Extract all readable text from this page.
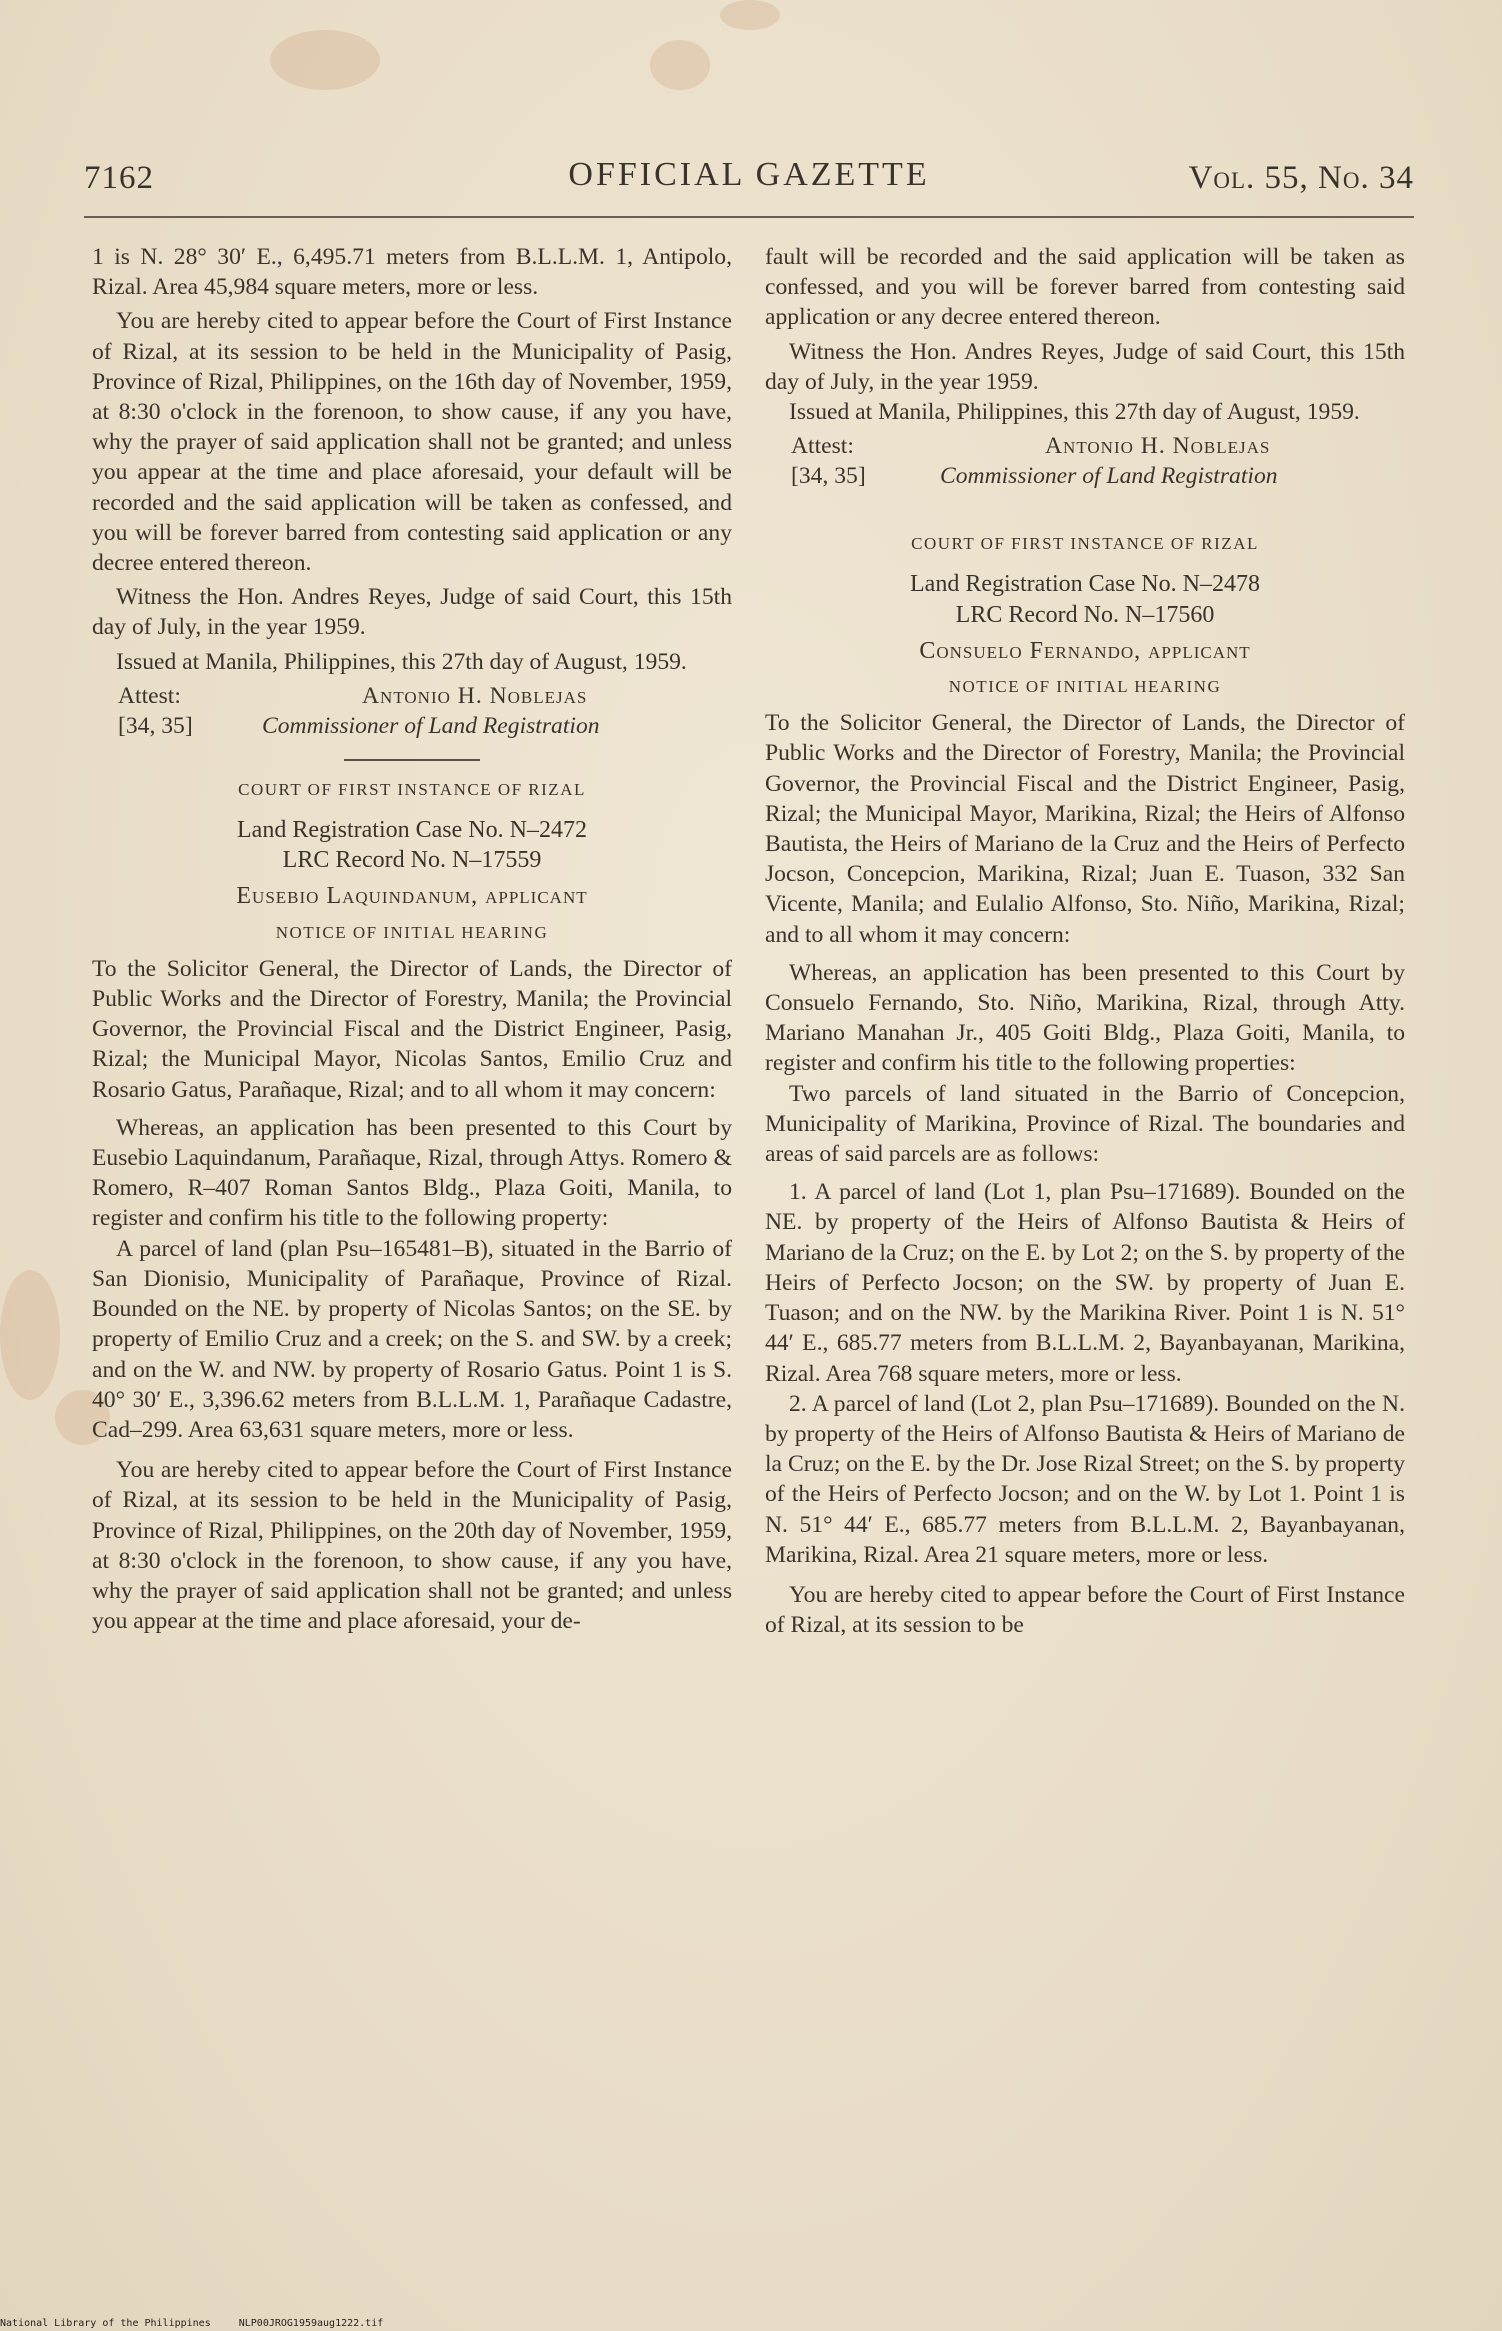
7162	OFFICIAL GAZETTE	Vol. 55, No. 34

1 is N. 28° 30′ E., 6,495.71 meters from B.L.L.M. 1, Antipolo, Rizal. Area 45,984 square meters, more or less.

You are hereby cited to appear before the Court of First Instance of Rizal, at its session to be held in the Municipality of Pasig, Province of Rizal, Philippines, on the 16th day of November, 1959, at 8:30 o'clock in the forenoon, to show cause, if any you have, why the prayer of said application shall not be granted; and unless you appear at the time and place aforesaid, your default will be recorded and the said application will be taken as confessed, and you will be forever barred from contesting said application or any decree entered thereon.

Witness the Hon. Andres Reyes, Judge of said Court, this 15th day of July, in the year 1959.

Issued at Manila, Philippines, this 27th day of August, 1959.

Attest:	Antonio H. Noblejas
[34, 35]	Commissioner of Land Registration
COURT OF FIRST INSTANCE OF RIZAL
Land Registration Case No. N–2472
LRC Record No. N–17559
Eusebio Laquindanum, applicant
NOTICE OF INITIAL HEARING

To the Solicitor General, the Director of Lands, the Director of Public Works and the Director of Forestry, Manila; the Provincial Governor, the Provincial Fiscal and the District Engineer, Pasig, Rizal; the Municipal Mayor, Nicolas Santos, Emilio Cruz and Rosario Gatus, Parañaque, Rizal; and to all whom it may concern:

Whereas, an application has been presented to this Court by Eusebio Laquindanum, Parañaque, Rizal, through Attys. Romero & Romero, R–407 Roman Santos Bldg., Plaza Goiti, Manila, to register and confirm his title to the following property:

A parcel of land (plan Psu–165481–B), situated in the Barrio of San Dionisio, Municipality of Parañaque, Province of Rizal. Bounded on the NE. by property of Nicolas Santos; on the SE. by property of Emilio Cruz and a creek; on the S. and SW. by a creek; and on the W. and NW. by property of Rosario Gatus. Point 1 is S. 40° 30′ E., 3,396.62 meters from B.L.L.M. 1, Parañaque Cadastre, Cad–299. Area 63,631 square meters, more or less.

You are hereby cited to appear before the Court of First Instance of Rizal, at its session to be held in the Municipality of Pasig, Province of Rizal, Philippines, on the 20th day of November, 1959, at 8:30 o'clock in the forenoon, to show cause, if any you have, why the prayer of said application shall not be granted; and unless you appear at the time and place aforesaid, your de-

fault will be recorded and the said application will be taken as confessed, and you will be forever barred from contesting said application or any decree entered thereon.

Witness the Hon. Andres Reyes, Judge of said Court, this 15th day of July, in the year 1959.

Issued at Manila, Philippines, this 27th day of August, 1959.

Attest:	Antonio H. Noblejas
[34, 35]	Commissioner of Land Registration
COURT OF FIRST INSTANCE OF RIZAL
Land Registration Case No. N–2478
LRC Record No. N–17560
Consuelo Fernando, applicant
NOTICE OF INITIAL HEARING

To the Solicitor General, the Director of Lands, the Director of Public Works and the Director of Forestry, Manila; the Provincial Governor, the Provincial Fiscal and the District Engineer, Pasig, Rizal; the Municipal Mayor, Marikina, Rizal; the Heirs of Alfonso Bautista, the Heirs of Mariano de la Cruz and the Heirs of Perfecto Jocson, Concepcion, Marikina, Rizal; Juan E. Tuason, 332 San Vicente, Manila; and Eulalio Alfonso, Sto. Niño, Marikina, Rizal; and to all whom it may concern:

Whereas, an application has been presented to this Court by Consuelo Fernando, Sto. Niño, Marikina, Rizal, through Atty. Mariano Manahan Jr., 405 Goiti Bldg., Plaza Goiti, Manila, to register and confirm his title to the following properties:

Two parcels of land situated in the Barrio of Concepcion, Municipality of Marikina, Province of Rizal. The boundaries and areas of said parcels are as follows:

1. A parcel of land (Lot 1, plan Psu–171689). Bounded on the NE. by property of the Heirs of Alfonso Bautista & Heirs of Mariano de la Cruz; on the E. by Lot 2; on the S. by property of the Heirs of Perfecto Jocson; on the SW. by property of Juan E. Tuason; and on the NW. by the Marikina River. Point 1 is N. 51° 44′ E., 685.77 meters from B.L.L.M. 2, Bayanbayanan, Marikina, Rizal. Area 768 square meters, more or less.

2. A parcel of land (Lot 2, plan Psu–171689). Bounded on the N. by property of the Heirs of Alfonso Bautista & Heirs of Mariano de la Cruz; on the E. by the Dr. Jose Rizal Street; on the S. by property of the Heirs of Perfecto Jocson; and on the W. by Lot 1. Point 1 is N. 51° 44′ E., 685.77 meters from B.L.L.M. 2, Bayanbayanan, Marikina, Rizal. Area 21 square meters, more or less.

You are hereby cited to appear before the Court of First Instance of Rizal, at its session to be

National Library of the Philippines	NLP00JROG1959aug1222.tif
